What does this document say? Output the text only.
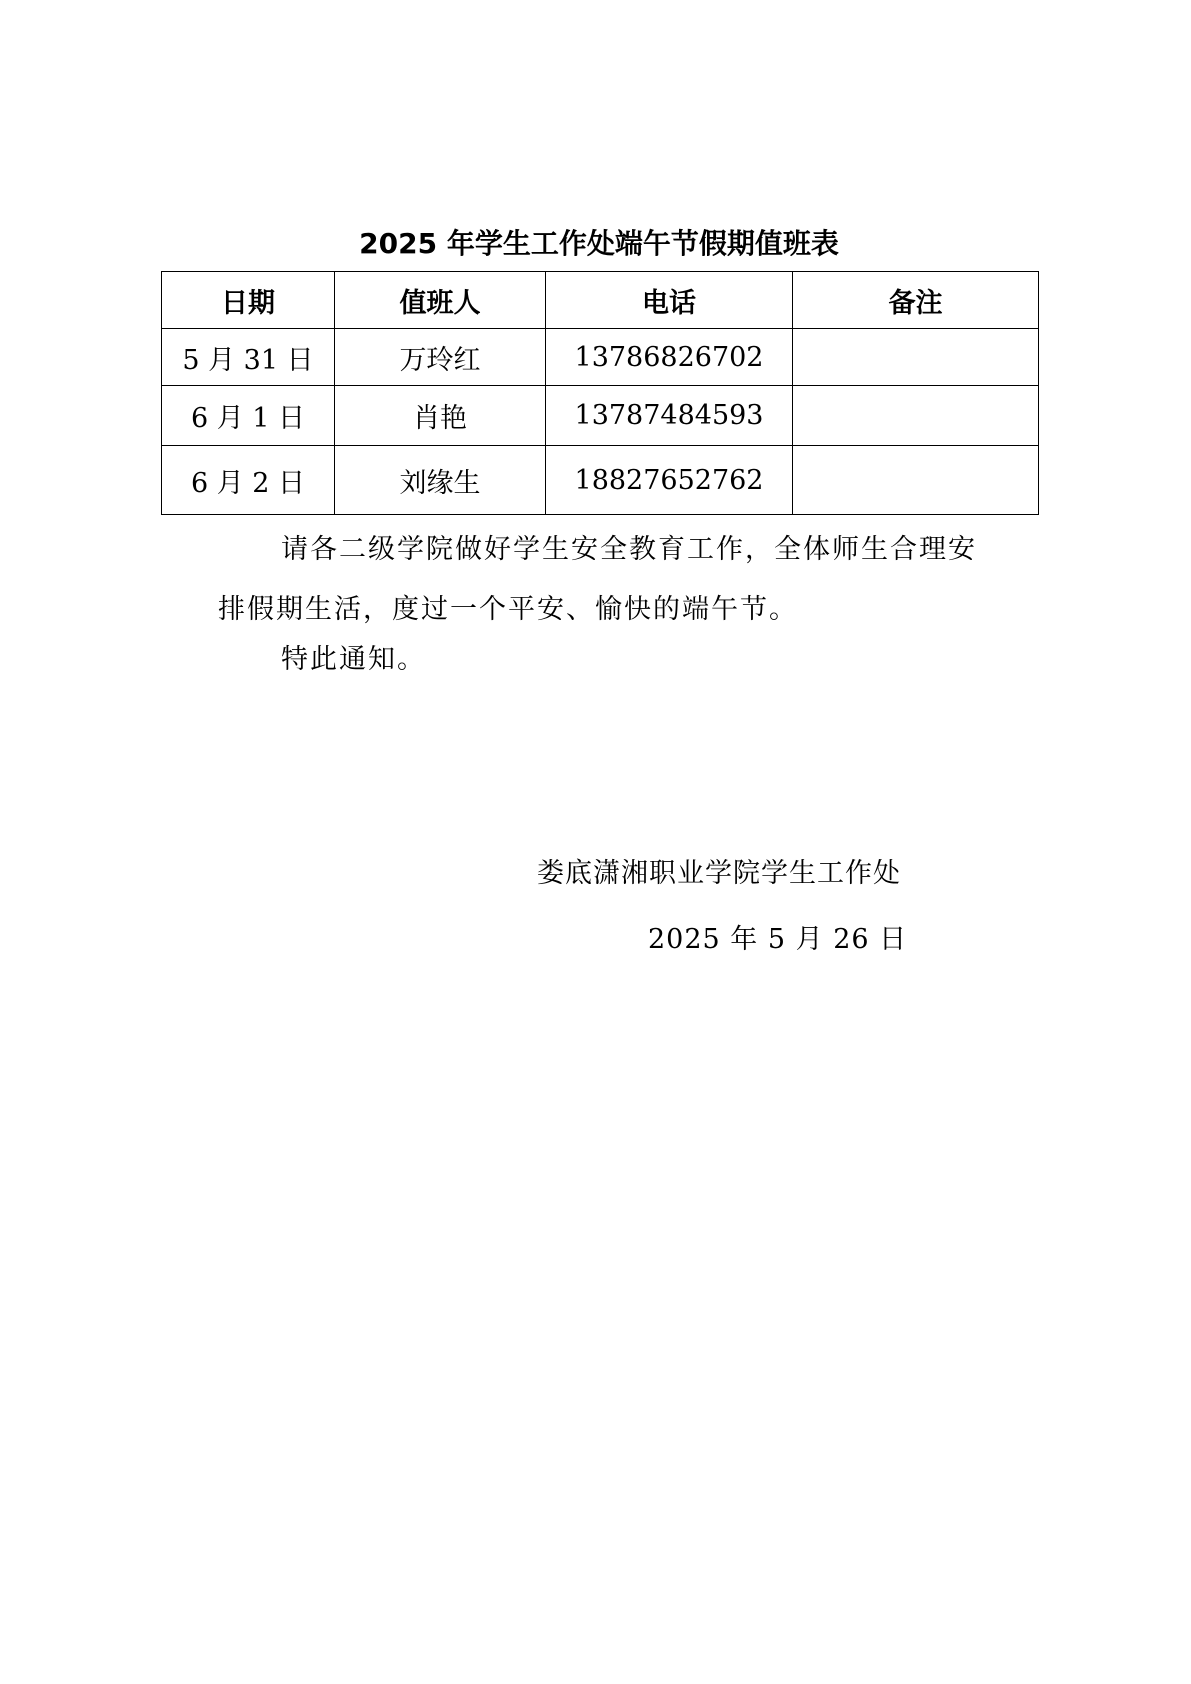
2025 年学生工作处端午节假期值班表
日期	值班人	电话	备注
5 月 31 日	万玲红	13786826702	
6 月 1 日	肖艳	13787484593	
6 月 2 日	刘缘生	18827652762	
请各二级学院做好学生安全教育工作，全体师生合理安
排假期生活，度过一个平安、愉快的端午节。
特此通知。
娄底潇湘职业学院学生工作处
2025 年 5 月 26 日
